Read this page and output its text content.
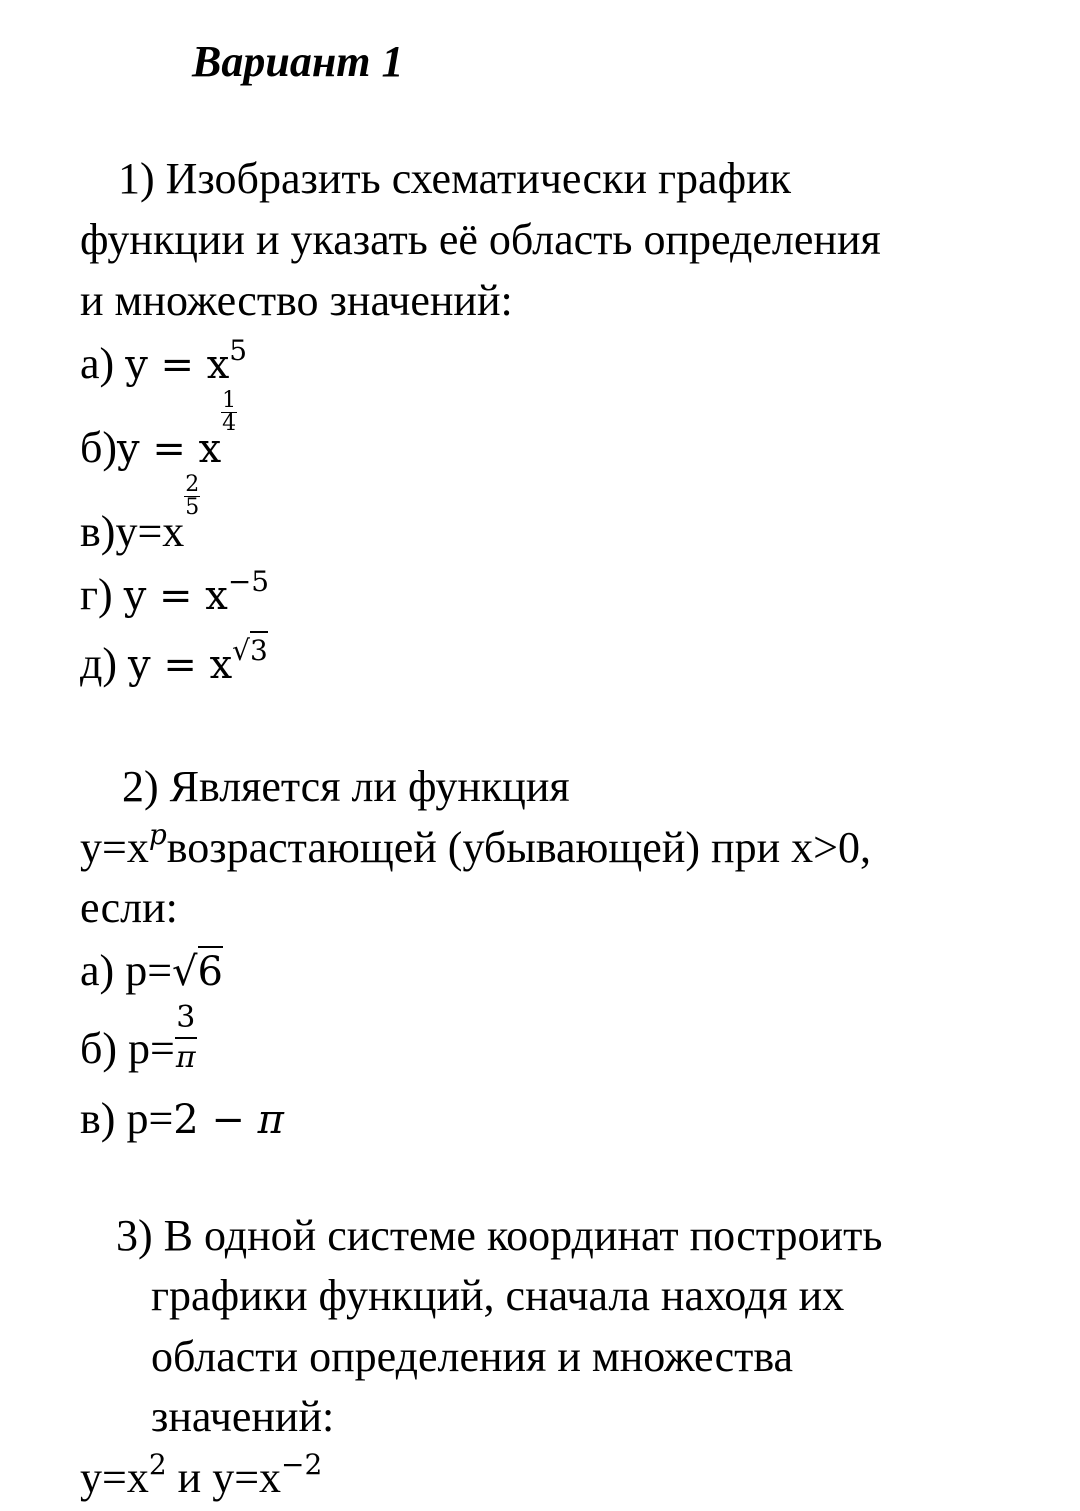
Вариант 1
1) Изобразить схематически график
функции и указать её область определения
и множество значений:
а) $y = x^5$
б)y = x
$\frac{1}{4}$
в)y=x
$\frac{2}{5}$
г) $y = x^{-5}$
д) $y = x^{√3}$
2) Является ли функция
$y=x^pвозрастающей$ (убывающей) при x>0,
если:
а) p=√6
б) $p= \frac{3}{\pi}$
в) p=2 − π
3) В одной системе координат построить
графики функций, сначала находя их
области определения и множества
значений:
$y=x^2$ и $y=x^{-2}$
